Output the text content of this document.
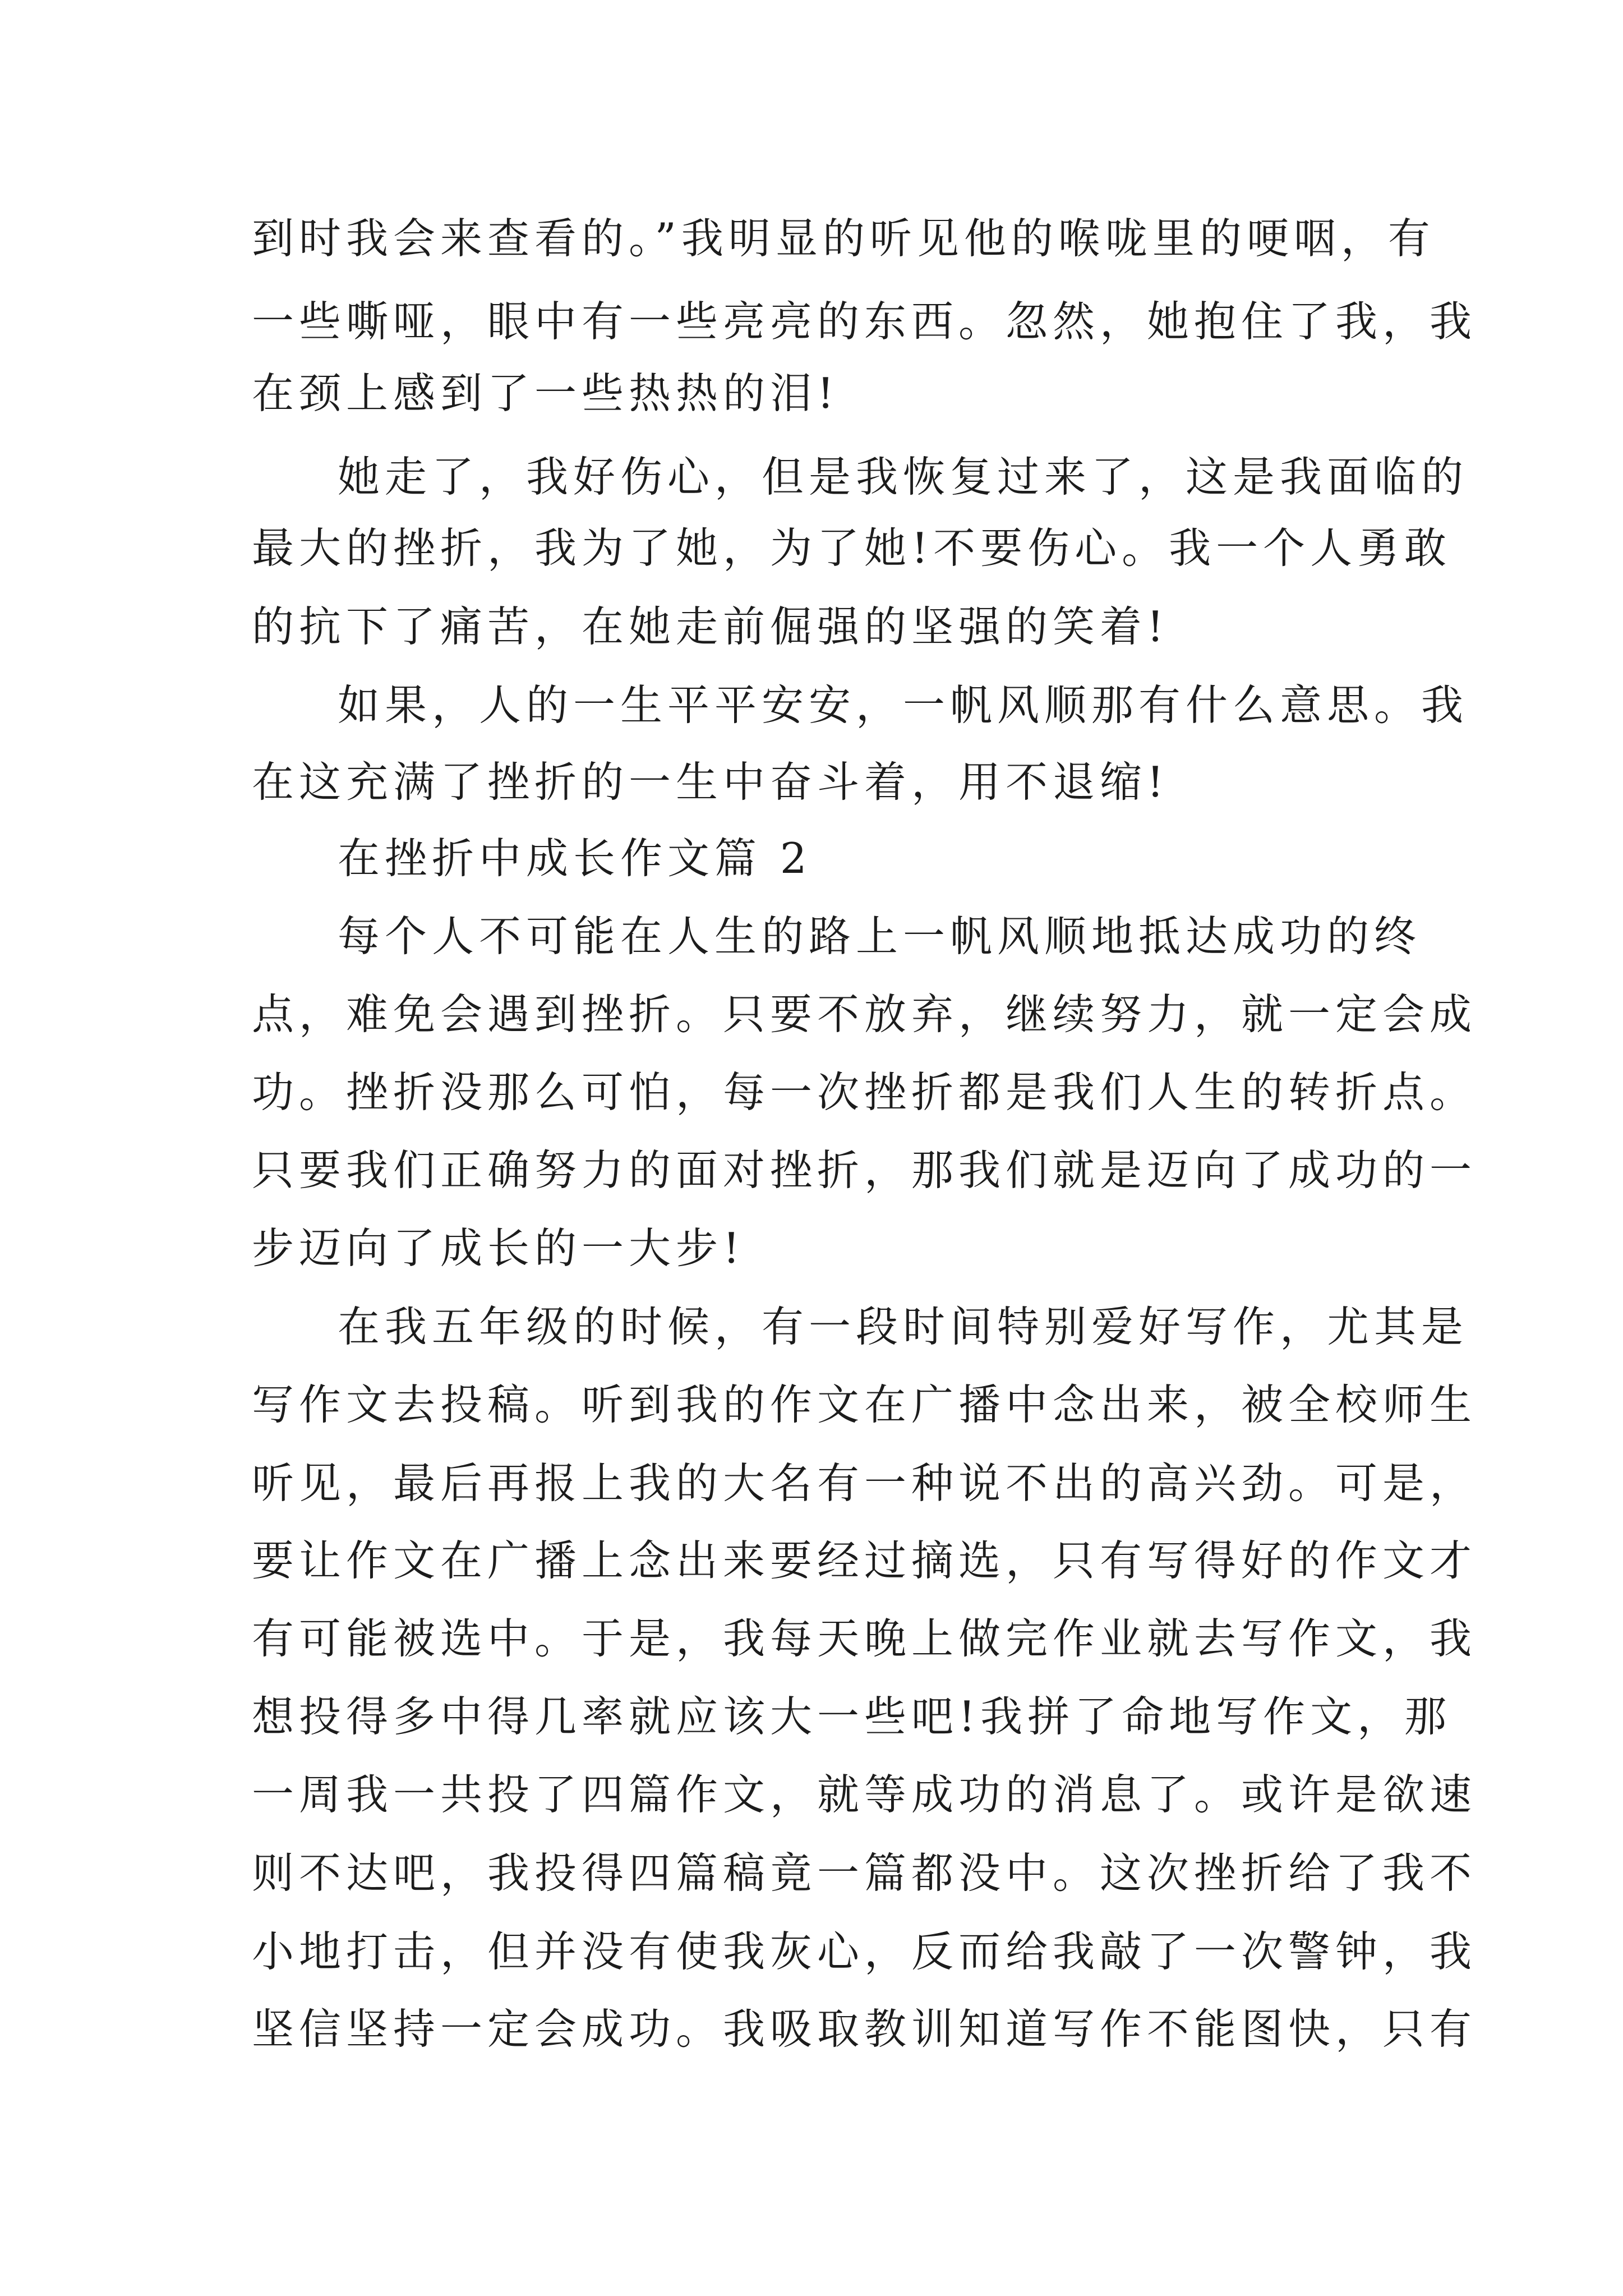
到时我会来查看的。”我明显的听见他的喉咙里的哽咽，有
一些嘶哑，眼中有一些亮亮的东西。忽然，她抱住了我，我
在颈上感到了一些热热的泪!
她走了，我好伤心，但是我恢复过来了，这是我面临的
最大的挫折，我为了她，为了她!不要伤心。我一个人勇敢
的抗下了痛苦，在她走前倔强的坚强的笑着!
如果，人的一生平平安安，一帆风顺那有什么意思。我
在这充满了挫折的一生中奋斗着，用不退缩!
在挫折中成长作文篇 2
每个人不可能在人生的路上一帆风顺地抵达成功的终
点，难免会遇到挫折。只要不放弃，继续努力，就一定会成
功。挫折没那么可怕，每一次挫折都是我们人生的转折点。
只要我们正确努力的面对挫折，那我们就是迈向了成功的一
步迈向了成长的一大步!
在我五年级的时候，有一段时间特别爱好写作，尤其是
写作文去投稿。听到我的作文在广播中念出来，被全校师生
听见，最后再报上我的大名有一种说不出的高兴劲。可是，
要让作文在广播上念出来要经过摘选，只有写得好的作文才
有可能被选中。于是，我每天晚上做完作业就去写作文，我
想投得多中得几率就应该大一些吧!我拼了命地写作文，那
一周我一共投了四篇作文，就等成功的消息了。或许是欲速
则不达吧，我投得四篇稿竟一篇都没中。这次挫折给了我不
小地打击，但并没有使我灰心，反而给我敲了一次警钟，我
坚信坚持一定会成功。我吸取教训知道写作不能图快，只有
